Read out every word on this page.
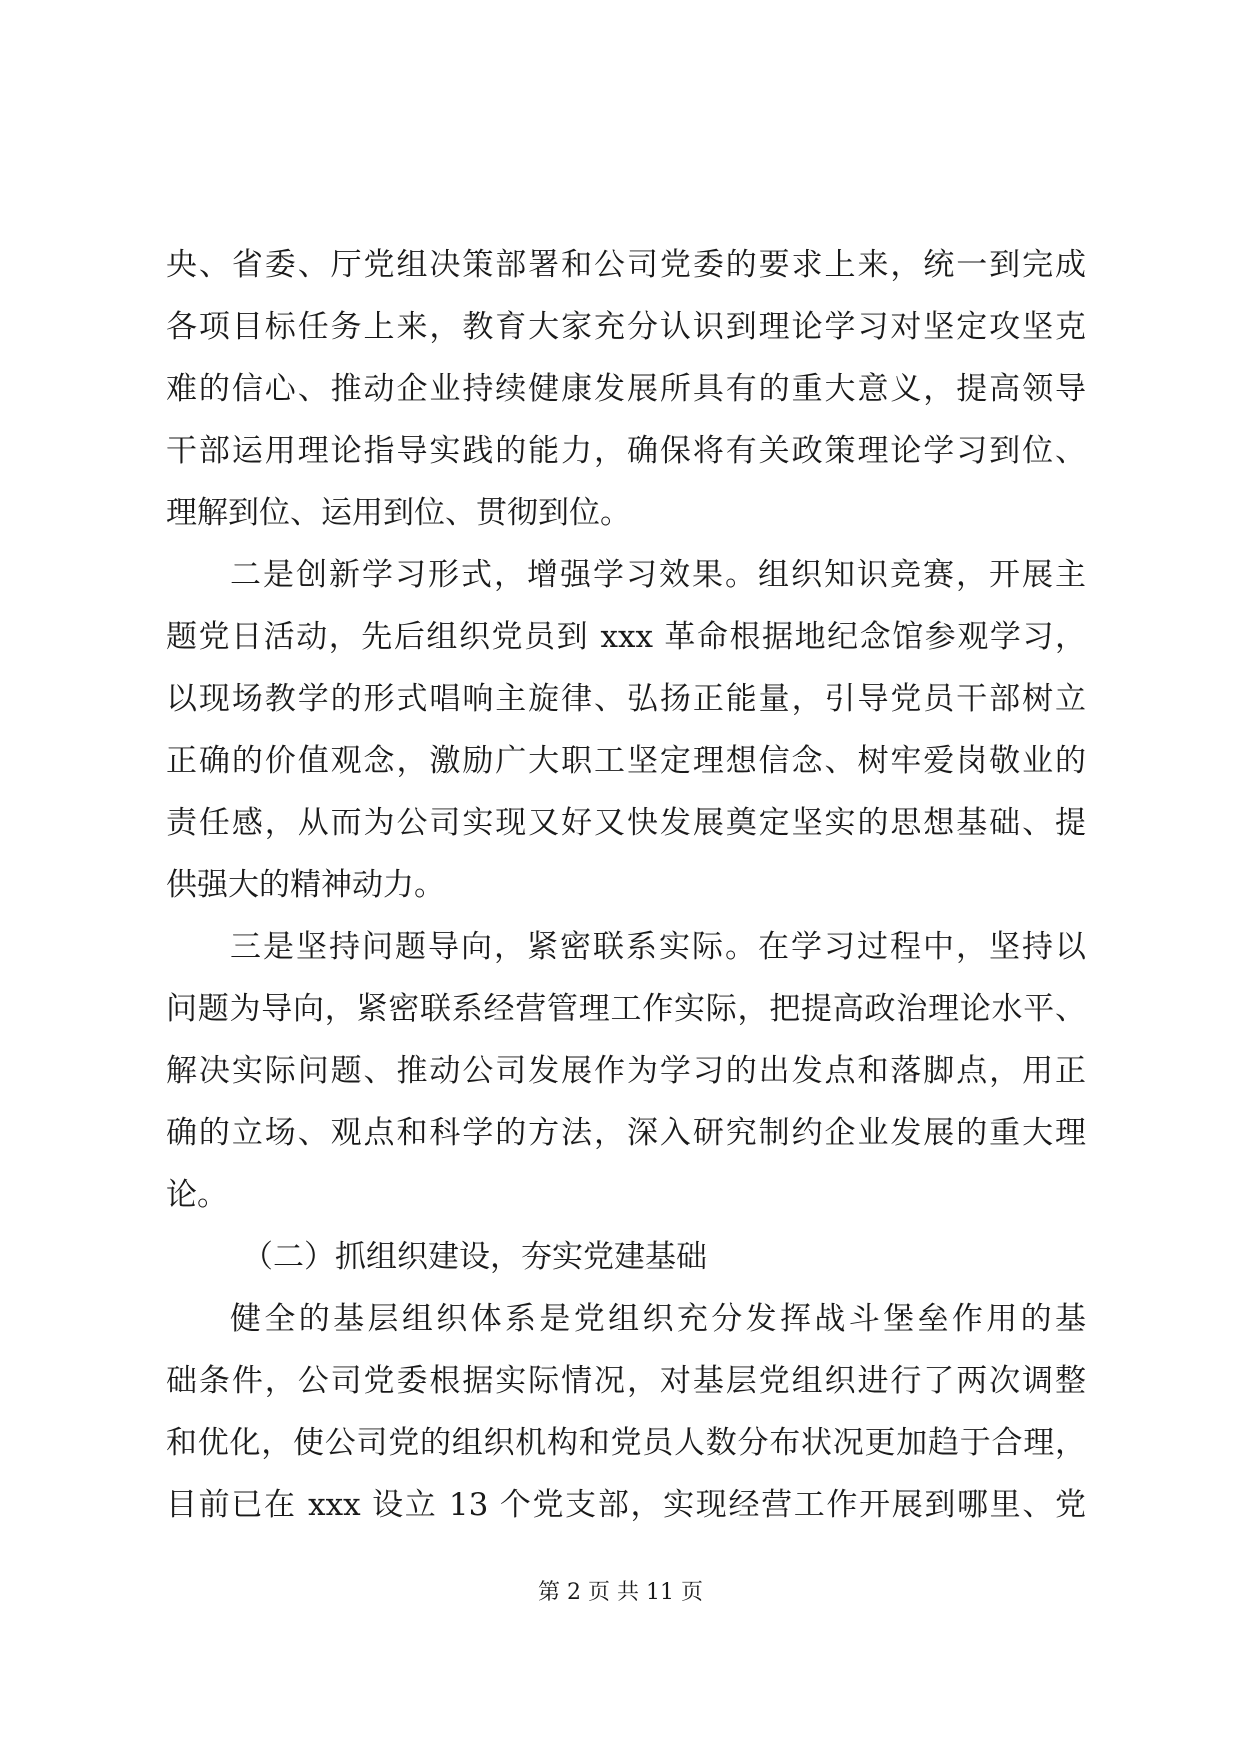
央、省委、厅党组决策部署和公司党委的要求上来，统一到完成
各项目标任务上来，教育大家充分认识到理论学习对坚定攻坚克
难的信心、推动企业持续健康发展所具有的重大意义，提高领导
干部运用理论指导实践的能力，确保将有关政策理论学习到位、
理解到位、运用到位、贯彻到位。
二是创新学习形式，增强学习效果。组织知识竞赛，开展主
题党日活动，先后组织党员到 xxx 革命根据地纪念馆参观学习，
以现场教学的形式唱响主旋律、弘扬正能量，引导党员干部树立
正确的价值观念，激励广大职工坚定理想信念、树牢爱岗敬业的
责任感，从而为公司实现又好又快发展奠定坚实的思想基础、提
供强大的精神动力。
三是坚持问题导向，紧密联系实际。在学习过程中，坚持以
问题为导向，紧密联系经营管理工作实际，把提高政治理论水平、
解决实际问题、推动公司发展作为学习的出发点和落脚点，用正
确的立场、观点和科学的方法，深入研究制约企业发展的重大理
论。
（二）抓组织建设，夯实党建基础
健全的基层组织体系是党组织充分发挥战斗堡垒作用的基
础条件，公司党委根据实际情况，对基层党组织进行了两次调整
和优化，使公司党的组织机构和党员人数分布状况更加趋于合理，
目前已在 xxx 设立 13 个党支部，实现经营工作开展到哪里、党
第 2 页 共 11 页
